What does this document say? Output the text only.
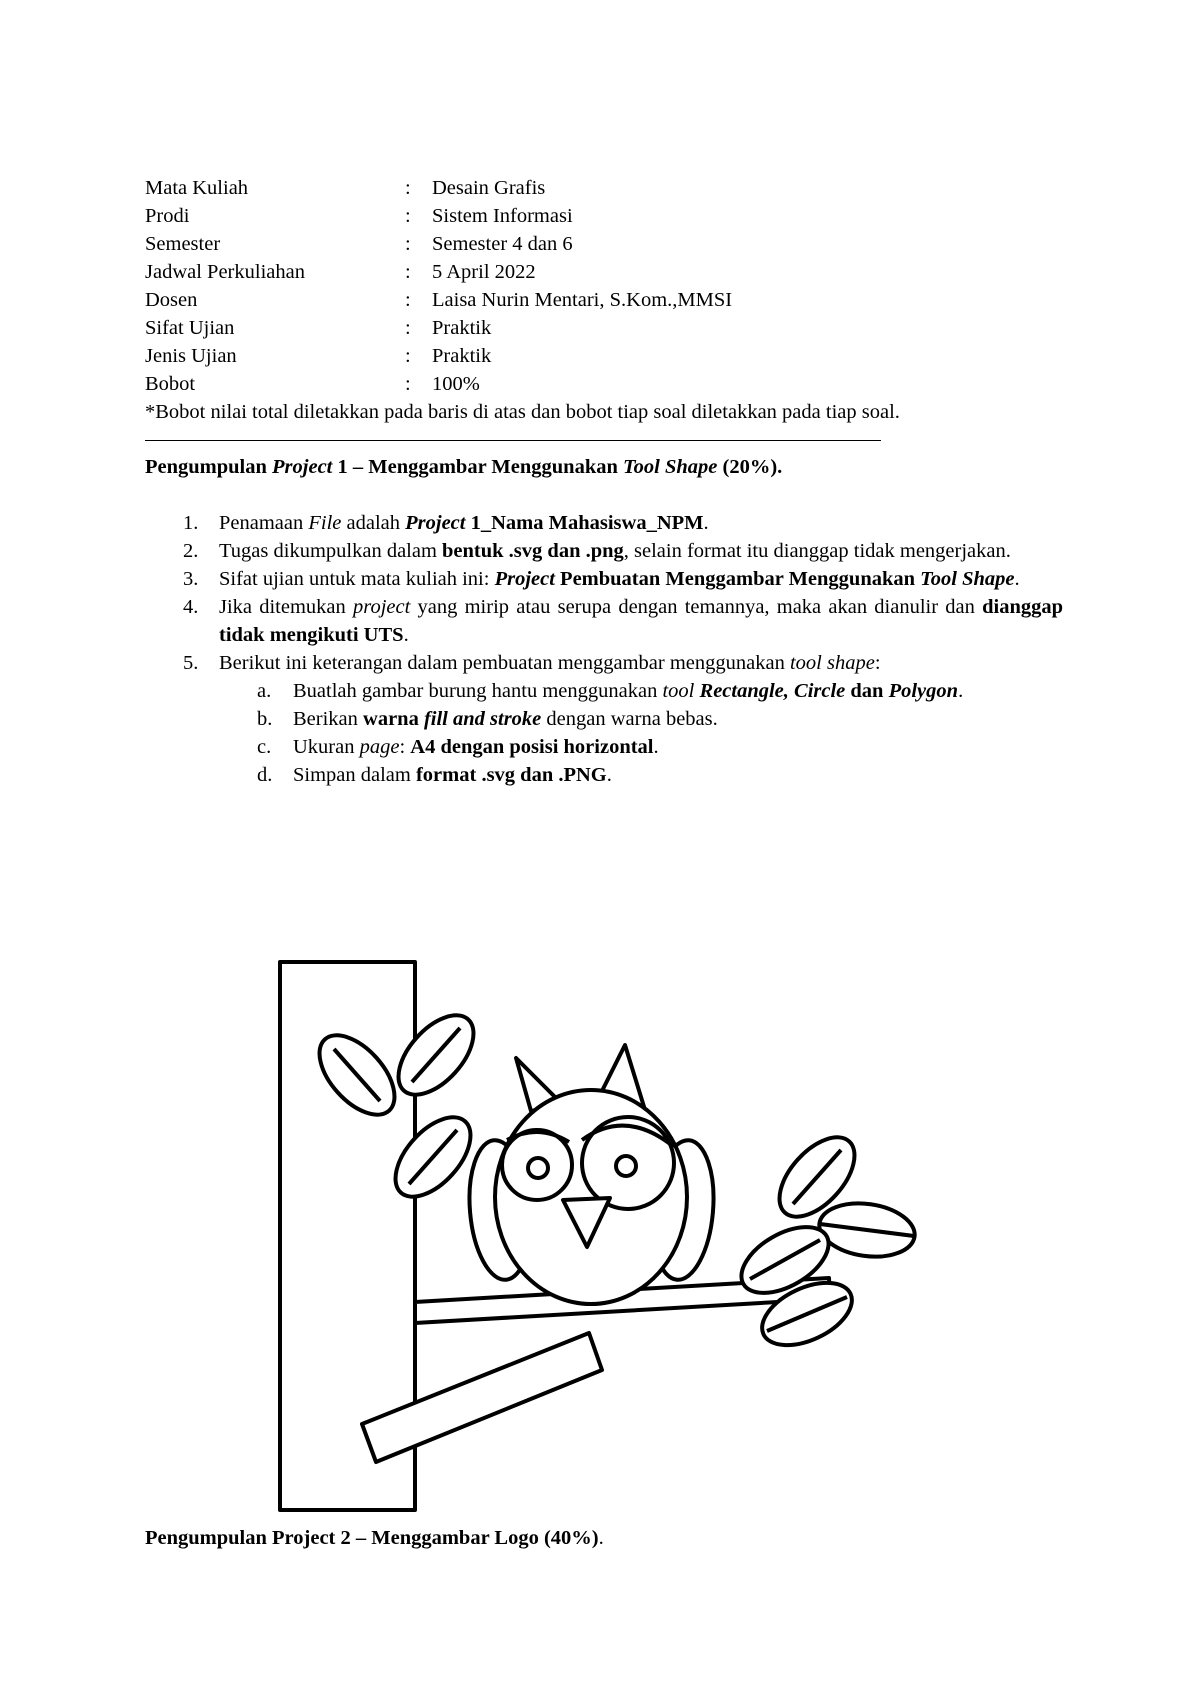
Mata Kuliah	:	Desain Grafis
Prodi	:	Sistem Informasi
Semester	:	Semester 4 dan 6
Jadwal Perkuliahan	:	5 April 2022
Dosen	:	Laisa Nurin Mentari, S.Kom.,MMSI
Sifat Ujian	:	Praktik
Jenis Ujian	:	Praktik
Bobot	:	100%

*Bobot nilai total diletakkan pada baris di atas dan bobot tiap soal diletakkan pada tiap soal.

Pengumpulan Project 1 – Menggambar Menggunakan Tool Shape (20%).
1.	Penamaan File adalah Project 1_Nama Mahasiswa_NPM.
2.	Tugas dikumpulkan dalam bentuk .svg dan .png, selain format itu dianggap tidak mengerjakan.
3.	Sifat ujian untuk mata kuliah ini: Project Pembuatan Menggambar Menggunakan Tool Shape.
4.	Jika ditemukan project yang mirip atau serupa dengan temannya, maka akan dianulir dan dianggap tidak mengikuti UTS.
5.	Berikut ini keterangan dalam pembuatan menggambar menggunakan tool shape:
a. Buatlah gambar burung hantu menggunakan tool Rectangle, Circle dan Polygon.
b. Berikan warna fill and stroke dengan warna bebas.
c. Ukuran page: A4 dengan posisi horizontal.
d. Simpan dalam format .svg dan .PNG.
Pengumpulan Project 2 – Menggambar Logo (40%).
